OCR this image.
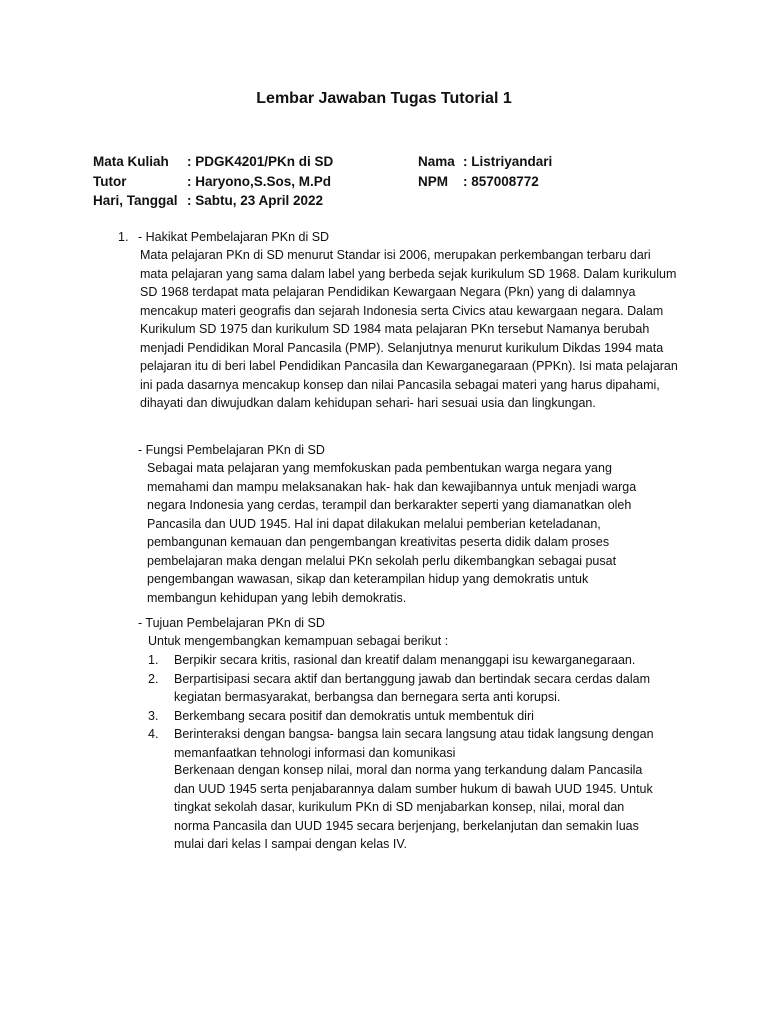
Lembar Jawaban Tugas Tutorial 1
Mata Kuliah	: PDGK4201/PKn di SD
Tutor	: Haryono,S.Sos, M.Pd
Hari, Tanggal : Sabtu, 23 April 2022
Nama : Listriyandari
NPM	: 857008772
1. - Hakikat Pembelajaran PKn di SD
Mata pelajaran PKn di SD menurut Standar isi 2006, merupakan perkembangan terbaru dari mata pelajaran yang sama dalam label yang berbeda sejak kurikulum SD 1968. Dalam kurikulum SD 1968 terdapat mata pelajaran Pendidikan Kewargaan Negara (Pkn) yang di dalamnya mencakup materi geografis dan sejarah Indonesia serta Civics atau kewargaan negara. Dalam Kurikulum SD 1975 dan kurikulum SD 1984 mata pelajaran PKn tersebut Namanya berubah menjadi Pendidikan Moral Pancasila (PMP). Selanjutnya menurut kurikulum Dikdas 1994 mata pelajaran itu di beri label Pendidikan Pancasila dan Kewarganegaraan (PPKn). Isi mata pelajaran ini pada dasarnya mencakup konsep dan nilai Pancasila sebagai materi yang harus dipahami, dihayati dan diwujudkan dalam kehidupan sehari- hari sesuai usia dan lingkungan.
- Fungsi Pembelajaran PKn di SD
Sebagai mata pelajaran yang memfokuskan pada pembentukan warga negara yang memahami dan mampu melaksanakan hak- hak dan kewajibannya untuk menjadi warga negara Indonesia yang cerdas, terampil dan berkarakter seperti yang diamanatkan oleh Pancasila dan UUD 1945. Hal ini dapat dilakukan melalui pemberian keteladanan, pembangunan kemauan dan pengembangan kreativitas peserta didik dalam proses pembelajaran maka dengan melalui PKn sekolah perlu dikembangkan sebagai pusat pengembangan wawasan, sikap dan keterampilan hidup yang demokratis untuk membangun kehidupan yang lebih demokratis.
- Tujuan Pembelajaran PKn di SD
Untuk mengembangkan kemampuan sebagai berikut :
1. Berpikir secara kritis, rasional dan kreatif dalam menanggapi isu kewarganegaraan.
2. Berpartisipasi secara aktif dan bertanggung jawab dan bertindak secara cerdas dalam kegiatan bermasyarakat, berbangsa dan bernegara serta anti korupsi.
3. Berkembang secara positif dan demokratis untuk membentuk diri
4. Berinteraksi dengan bangsa- bangsa lain secara langsung atau tidak langsung dengan memanfaatkan tehnologi informasi dan komunikasi
Berkenaan dengan konsep nilai, moral dan norma yang terkandung dalam Pancasila dan UUD 1945 serta penjabarannya dalam sumber hukum di bawah UUD 1945. Untuk tingkat sekolah dasar, kurikulum PKn di SD menjabarkan konsep, nilai, moral dan norma Pancasila dan UUD 1945 secara berjenjang, berkelanjutan dan semakin luas mulai dari kelas I sampai dengan kelas IV.
